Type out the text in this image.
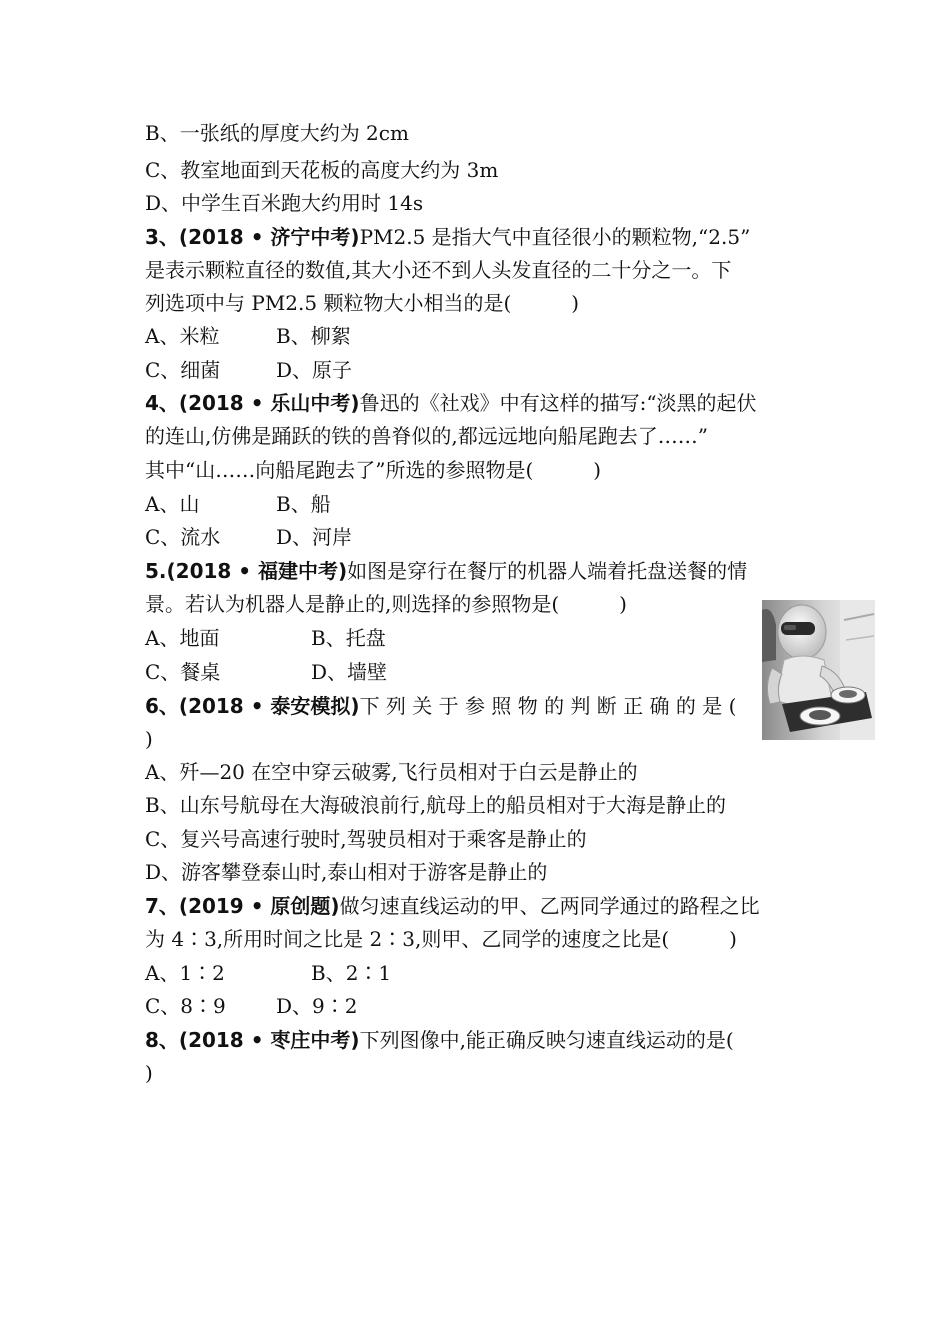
B、一张纸的厚度大约为 2cm
C、教室地面到天花板的高度大约为 3m
D、中学生百米跑大约用时 14s
3、(2018 • 济宁中考)PM2.5 是指大气中直径很小的颗粒物,“2.5”
是表示颗粒直径的数值,其大小还不到人头发直径的二十分之一。下
列选项中与 PM2.5 颗粒物大小相当的是(　　　)
A、米粒	B、柳絮
C、细菌	D、原子
4、(2018 • 乐山中考)鲁迅的《社戏》中有这样的描写:“淡黑的起伏
的连山,仿佛是踊跃的铁的兽脊似的,都远远地向船尾跑去了……”
其中“山……向船尾跑去了”所选的参照物是(　　　)
A、山	B、船
C、流水	D、河岸
5.(2018 • 福建中考)如图是穿行在餐厅的机器人端着托盘送餐的情
景。若认为机器人是静止的,则选择的参照物是(　　　)
A、地面	B、托盘
C、餐桌	D、墙壁
6、(2018 • 泰安模拟)下 列 关 于 参 照 物 的 判 断 正 确 的 是 (
)
A、歼—20 在空中穿云破雾,飞行员相对于白云是静止的
B、山东号航母在大海破浪前行,航母上的船员相对于大海是静止的
C、复兴号高速行驶时,驾驶员相对于乘客是静止的
D、游客攀登泰山时,泰山相对于游客是静止的
7、(2019 • 原创题)做匀速直线运动的甲、乙两同学通过的路程之比
为 4∶3,所用时间之比是 2∶3,则甲、乙同学的速度之比是(　　　)
A、1∶2	B、2∶1
C、8∶9	D、9∶2
8、(2018 • 枣庄中考)下列图像中,能正确反映匀速直线运动的是(
)
